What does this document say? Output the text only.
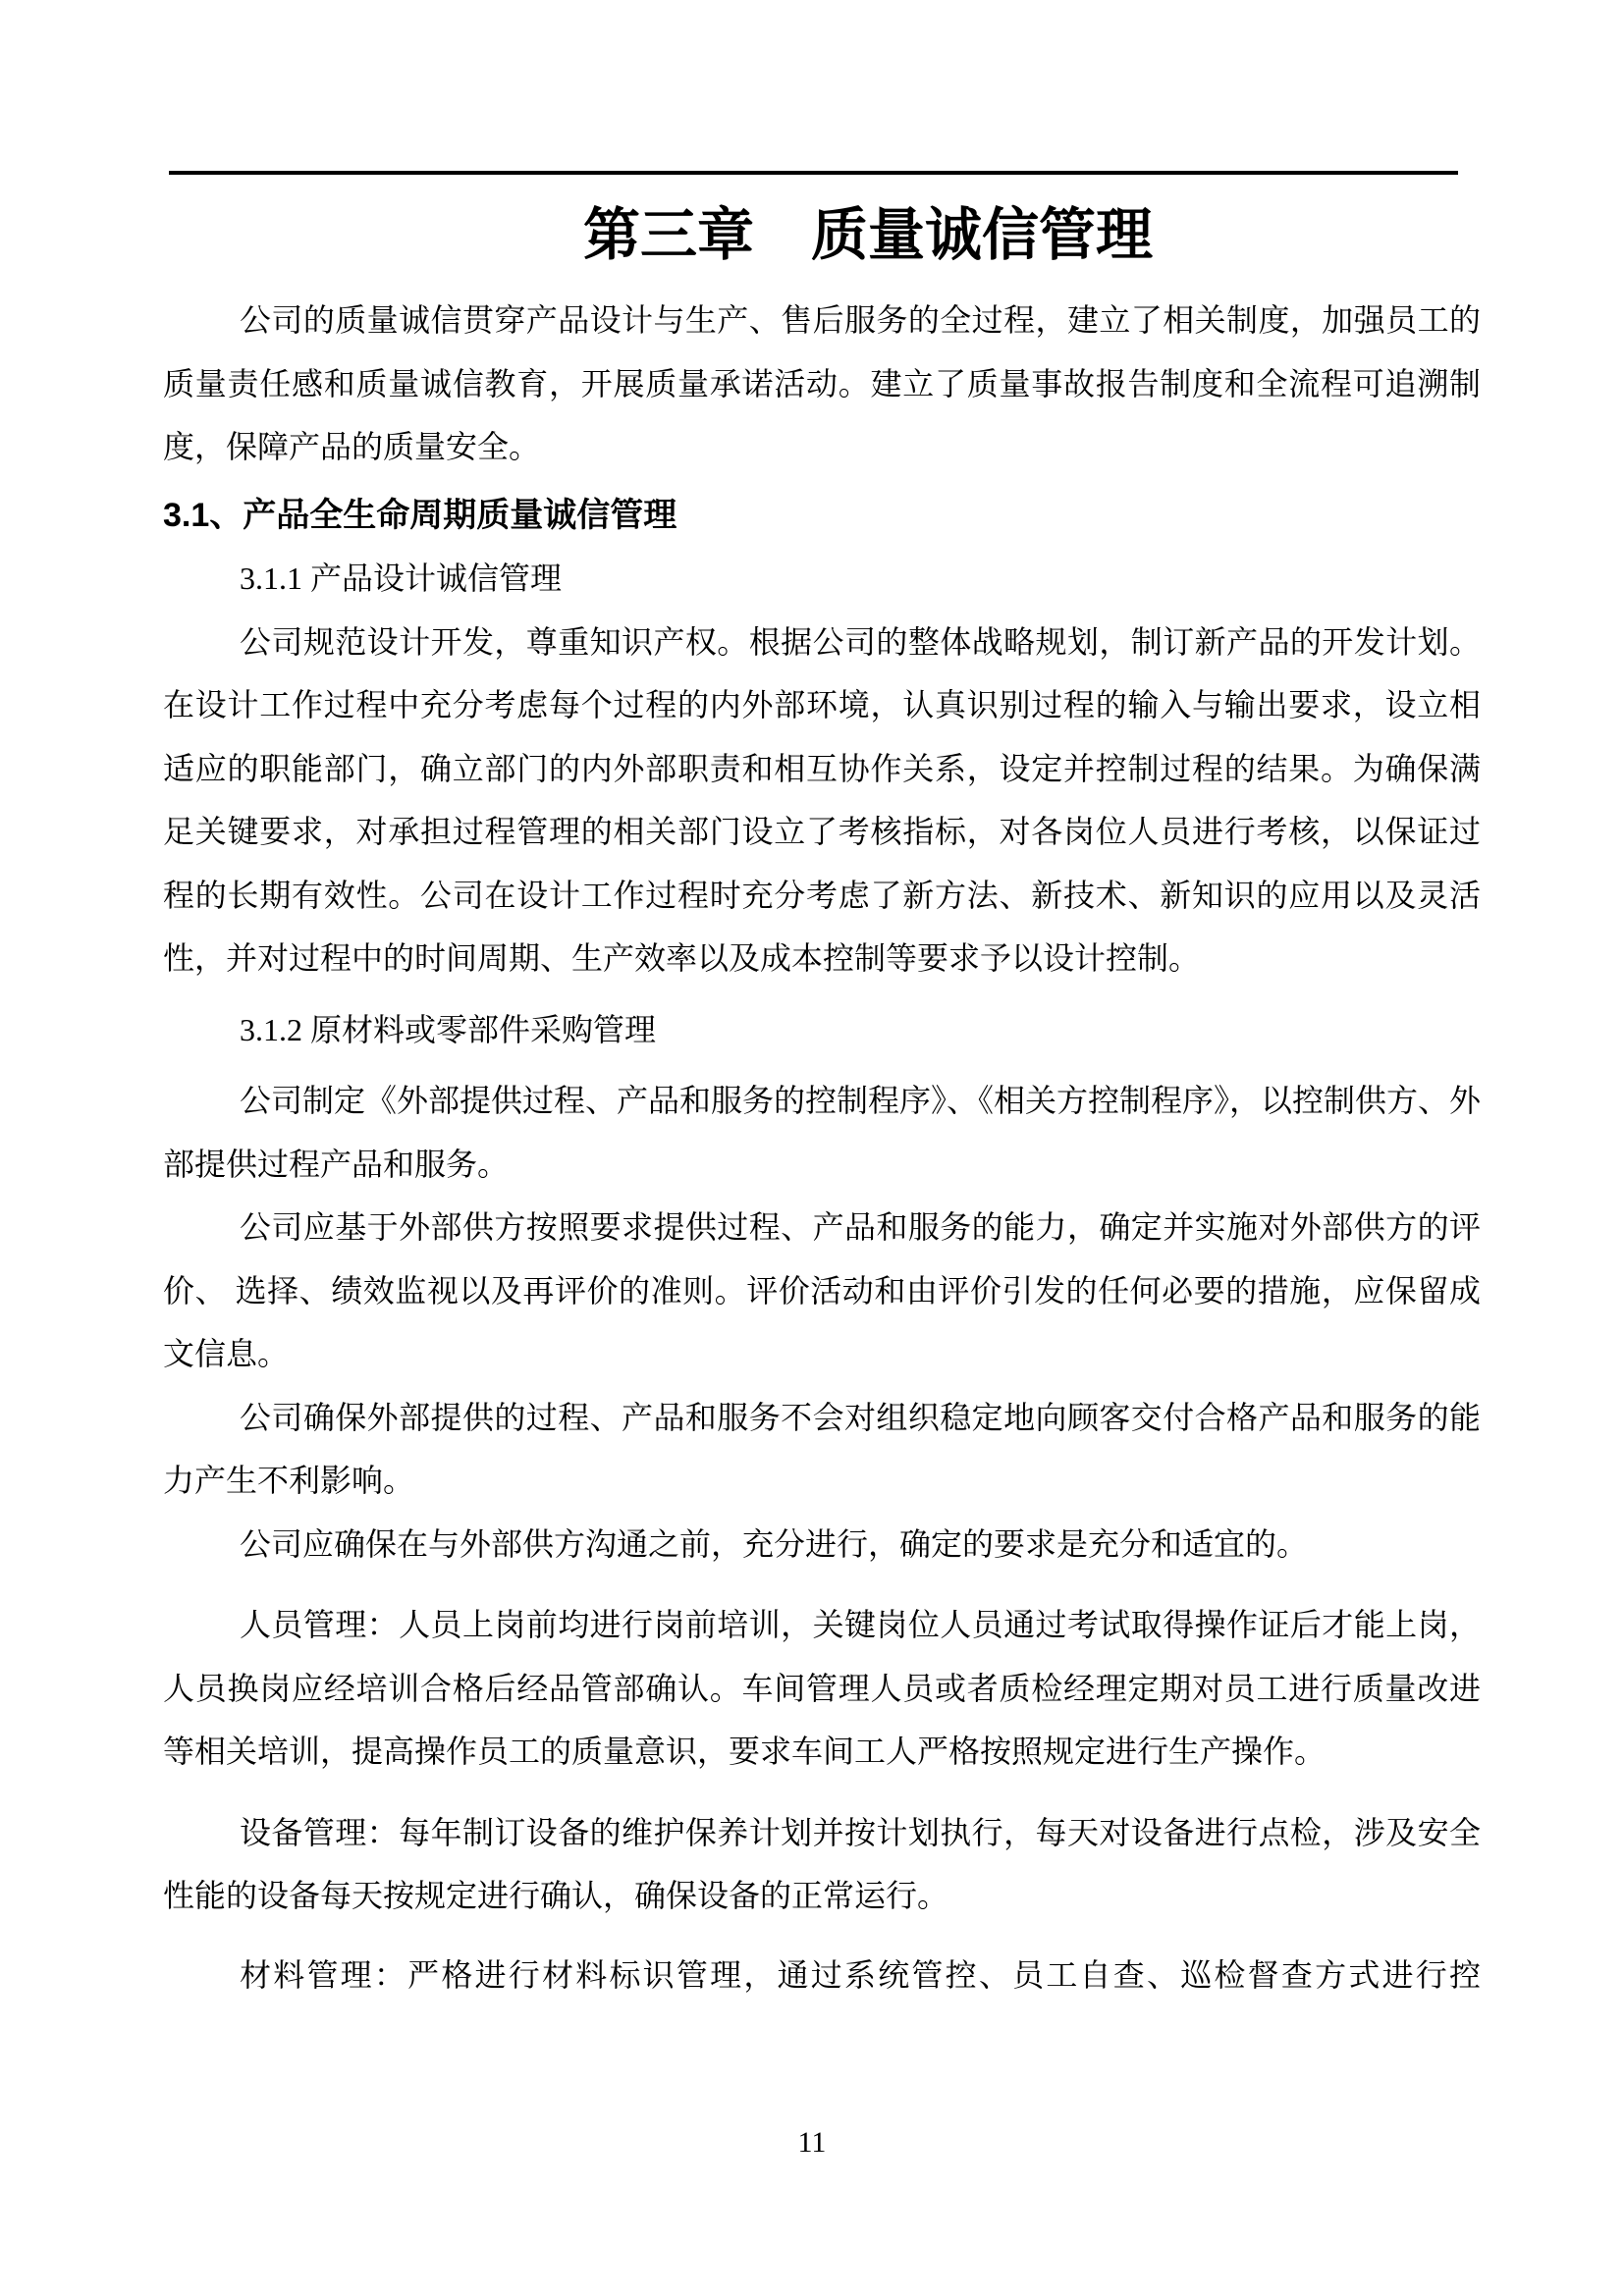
第三章　质量诚信管理

公司的质量诚信贯穿产品设计与生产、售后服务的全过程，建立了相关制度，加强员工的质量责任感和质量诚信教育，开展质量承诺活动。建立了质量事故报告制度和全流程可追溯制度，保障产品的质量安全。

3.1、产品全生命周期质量诚信管理

3.1.1 产品设计诚信管理

公司规范设计开发，尊重知识产权。根据公司的整体战略规划，制订新产品的开发计划。在设计工作过程中充分考虑每个过程的内外部环境，认真识别过程的输入与输出要求，设立相适应的职能部门，确立部门的内外部职责和相互协作关系，设定并控制过程的结果。为确保满足关键要求，对承担过程管理的相关部门设立了考核指标，对各岗位人员进行考核，以保证过程的长期有效性。公司在设计工作过程时充分考虑了新方法、新技术、新知识的应用以及灵活性，并对过程中的时间周期、生产效率以及成本控制等要求予以设计控制。

3.1.2 原材料或零部件采购管理

公司制定《外部提供过程、产品和服务的控制程序》、《相关方控制程序》，以控制供方、外部提供过程产品和服务。

公司应基于外部供方按照要求提供过程、产品和服务的能力，确定并实施对外部供方的评价、 选择、绩效监视以及再评价的准则。评价活动和由评价引发的任何必要的措施，应保留成文信息。

公司确保外部提供的过程、产品和服务不会对组织稳定地向顾客交付合格产品和服务的能力产生不利影响。

公司应确保在与外部供方沟通之前，充分进行，确定的要求是充分和适宜的。

人员管理：人员上岗前均进行岗前培训，关键岗位人员通过考试取得操作证后才能上岗，人员换岗应经培训合格后经品管部确认。车间管理人员或者质检经理定期对员工进行质量改进等相关培训，提高操作员工的质量意识，要求车间工人严格按照规定进行生产操作。

设备管理：每年制订设备的维护保养计划并按计划执行，每天对设备进行点检，涉及安全性能的设备每天按规定进行确认，确保设备的正常运行。

材料管理：严格进行材料标识管理，通过系统管控、员工自查、巡检督查方式进行控

11
